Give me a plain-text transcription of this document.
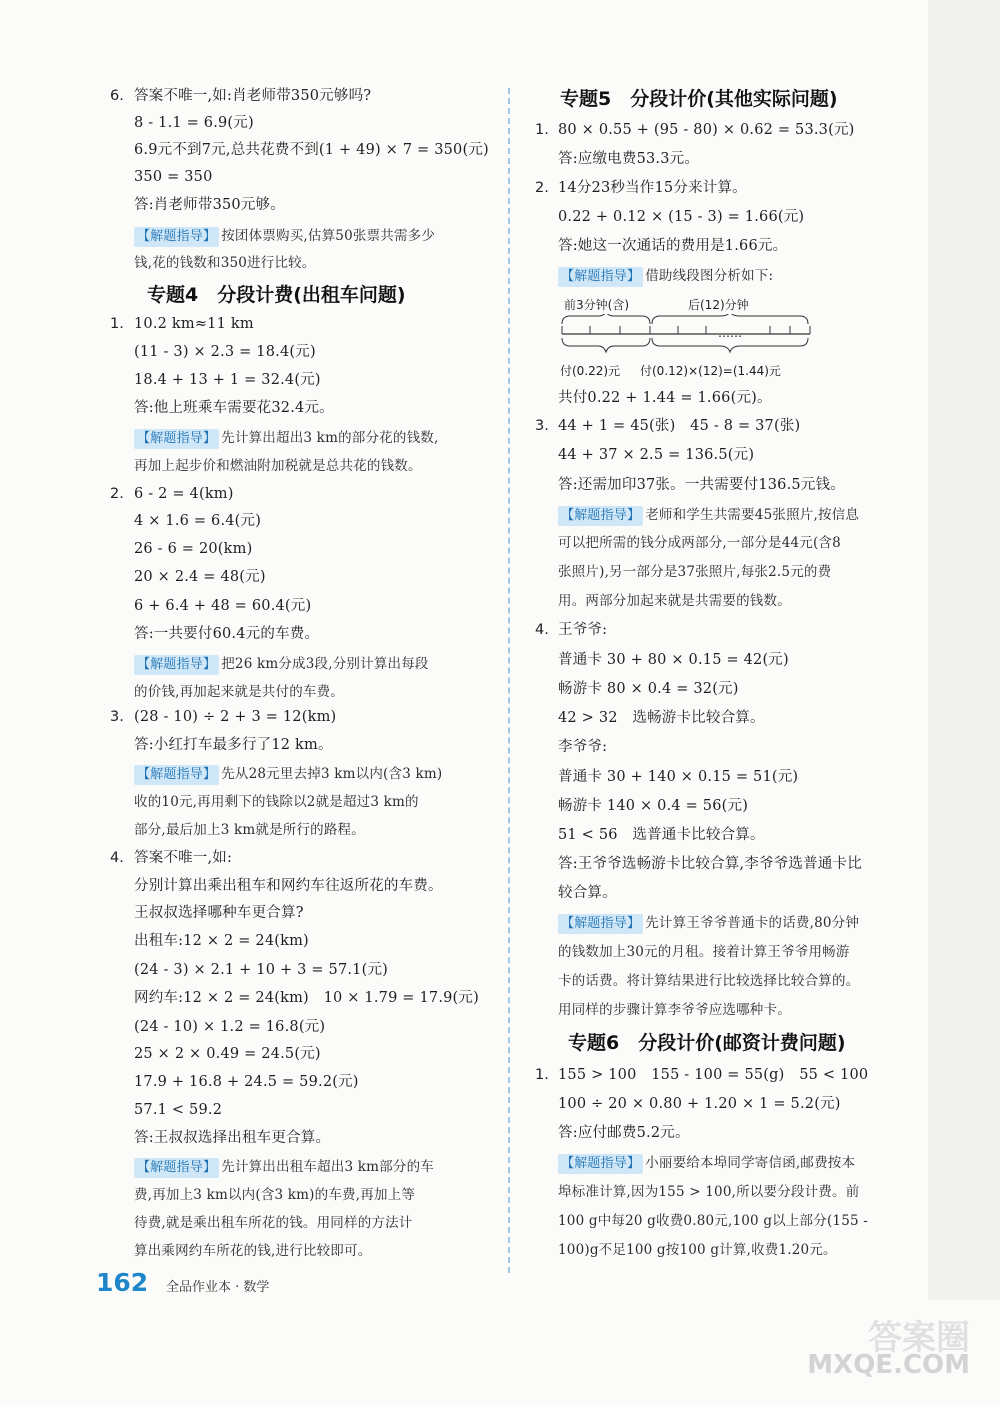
6. 答案不唯一,如:肖老师带350元够吗?
8 - 1.1 = 6.9(元)
6.9元不到7元,总共花费不到(1 + 49) × 7 = 350(元)
350 = 350
答:肖老师带350元够。
【解题指导】 按团体票购买,估算50张票共需多少
钱,花的钱数和350进行比较。
专题4　分段计费(出租车问题)
1. 10.2 km≈11 km
(11 - 3) × 2.3 = 18.4(元)
18.4 + 13 + 1 = 32.4(元)
答:他上班乘车需要花32.4元。
【解题指导】 先计算出超出3 km的部分花的钱数,
再加上起步价和燃油附加税就是总共花的钱数。
2. 6 - 2 = 4(km)
4 × 1.6 = 6.4(元)
26 - 6 = 20(km)
20 × 2.4 = 48(元)
6 + 6.4 + 48 = 60.4(元)
答:一共要付60.4元的车费。
【解题指导】 把26 km分成3段,分别计算出每段
的价钱,再加起来就是共付的车费。
3. (28 - 10) ÷ 2 + 3 = 12(km)
答:小红打车最多行了12 km。
【解题指导】 先从28元里去掉3 km以内(含3 km)
收的10元,再用剩下的钱除以2就是超过3 km的
部分,最后加上3 km就是所行的路程。
4. 答案不唯一,如:
分别计算出乘出租车和网约车往返所花的车费。
王叔叔选择哪种车更合算?
出租车:12 × 2 = 24(km)
(24 - 3) × 2.1 + 10 + 3 = 57.1(元)
网约车:12 × 2 = 24(km)　10 × 1.79 = 17.9(元)
(24 - 10) × 1.2 = 16.8(元)
25 × 2 × 0.49 = 24.5(元)
17.9 + 16.8 + 24.5 = 59.2(元)
57.1 < 59.2
答:王叔叔选择出租车更合算。
【解题指导】 先计算出出租车超出3 km部分的车
费,再加上3 km以内(含3 km)的车费,再加上等
待费,就是乘出租车所花的钱。用同样的方法计
算出乘网约车所花的钱,进行比较即可。
162 全品作业本 · 数学
专题5　分段计价(其他实际问题)
1. 80 × 0.55 + (95 - 80) × 0.62 = 53.3(元)
答:应缴电费53.3元。
2. 14分23秒当作15分来计算。
0.22 + 0.12 × (15 - 3) = 1.66(元)
答:她这一次通话的费用是1.66元。
【解题指导】 借助线段图分析如下:
前3分钟(含)	后(12)分钟
……
付(0.22)元 付(0.12)×(12)=(1.44)元
共付0.22 + 1.44 = 1.66(元)。
3. 44 + 1 = 45(张)　45 - 8 = 37(张)
44 + 37 × 2.5 = 136.5(元)
答:还需加印37张。一共需要付136.5元钱。
【解题指导】 老师和学生共需要45张照片,按信息
可以把所需的钱分成两部分,一部分是44元(含8
张照片),另一部分是37张照片,每张2.5元的费
用。两部分加起来就是共需要的钱数。
4. 王爷爷:
普通卡 30 + 80 × 0.15 = 42(元)
畅游卡 80 × 0.4 = 32(元)
42 > 32　选畅游卡比较合算。
李爷爷:
普通卡 30 + 140 × 0.15 = 51(元)
畅游卡 140 × 0.4 = 56(元)
51 < 56　选普通卡比较合算。
答:王爷爷选畅游卡比较合算,李爷爷选普通卡比
较合算。
【解题指导】 先计算王爷爷普通卡的话费,80分钟
的钱数加上30元的月租。接着计算王爷爷用畅游
卡的话费。将计算结果进行比较选择比较合算的。
用同样的步骤计算李爷爷应选哪种卡。
专题6　分段计价(邮资计费问题)
1. 155 > 100　155 - 100 = 55(g)　55 < 100
100 ÷ 20 × 0.80 + 1.20 × 1 = 5.2(元)
答:应付邮费5.2元。
【解题指导】 小丽要给本埠同学寄信函,邮费按本
埠标准计算,因为155 > 100,所以要分段计费。前
100 g中每20 g收费0.80元,100 g以上部分(155 -
100)g不足100 g按100 g计算,收费1.20元。
答案圈
MXQE.COM
